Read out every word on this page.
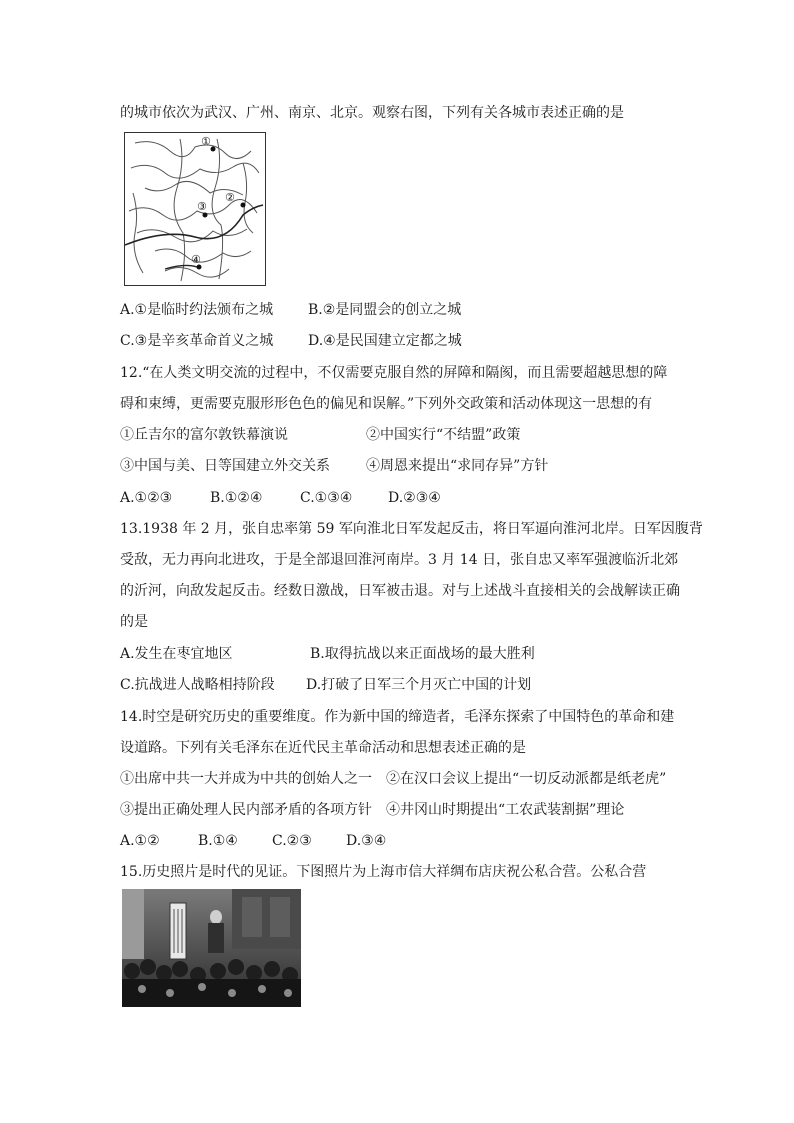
的城市依次为武汉、广州、南京、北京。观察右图，下列有关各城市表述正确的是
①
②
③
④
A.①是临时约法颁布之城 B.②是同盟会的创立之城
C.③是辛亥革命首义之城 D.④是民国建立定都之城
12.“在人类文明交流的过程中，不仅需要克服自然的屏障和隔阂，而且需要超越思想的障
碍和束缚，更需要克服形形色色的偏见和误解。”下列外交政策和活动体现这一思想的有
①丘吉尔的富尔敦铁幕演说	②中国实行“不结盟”政策
③中国与美、日等国建立外交关系	④周恩来提出“求同存异”方针
A.①②③	B.①②④	C.①③④	D.②③④
13.1938 年 2 月，张自忠率第 59 军向淮北日军发起反击，将日军逼向淮河北岸。日军因腹背
受敌，无力再向北进攻，于是全部退回淮河南岸。3 月 14 日，张自忠又率军强渡临沂北郊
的沂河，向敌发起反击。经数日激战，日军被击退。对与上述战斗直接相关的会战解读正确
的是
A.发生在枣宜地区	B.取得抗战以来正面战场的最大胜利
C.抗战进人战略相持阶段 D.打破了日军三个月灭亡中国的计划
14.时空是研究历史的重要维度。作为新中国的缔造者，毛泽东探索了中国特色的革命和建
设道路。下列有关毛泽东在近代民主革命活动和思想表述正确的是
①出席中共一大并成为中共的创始人之一 ②在汉口会议上提出“一切反动派都是纸老虎”
③提出正确处理人民内部矛盾的各项方针 ④井冈山时期提出“工农武装割据”理论
A.①②	B.①④ C.②③ D.③④
15.历史照片是时代的见证。下图照片为上海市信大祥绸布店庆祝公私合营。公私合营
